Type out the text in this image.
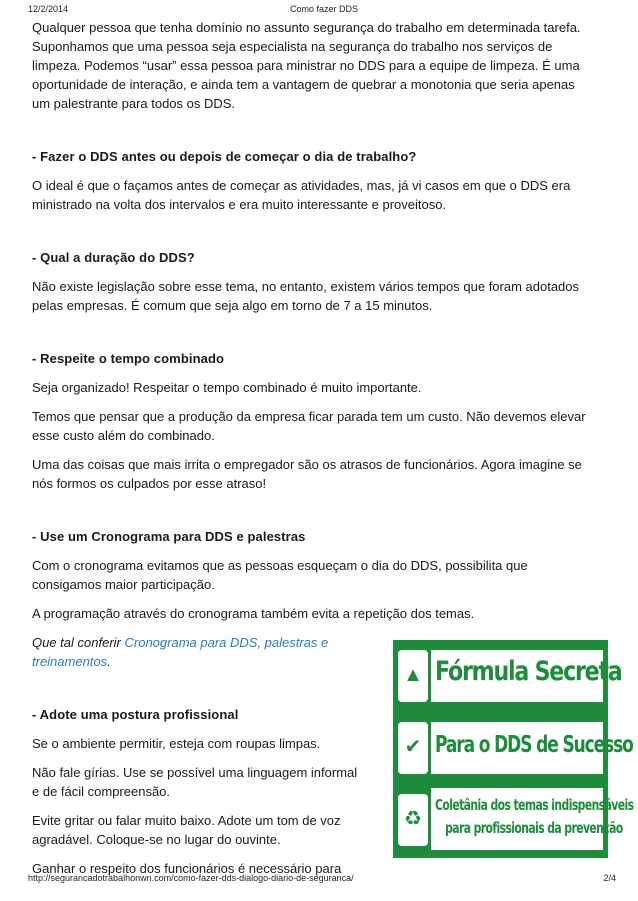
12/2/2014	Como fazer DDS

Qualquer pessoa que tenha domínio no assunto segurança do trabalho em determinada tarefa. Suponhamos que uma pessoa seja especialista na segurança do trabalho nos serviços de limpeza. Podemos “usar” essa pessoa para ministrar no DDS para a equipe de limpeza. É uma oportunidade de interação, e ainda tem a vantagem de quebrar a monotonia que seria apenas um palestrante para todos os DDS.

- Fazer o DDS antes ou depois de começar o dia de trabalho?

O ideal é que o façamos antes de começar as atividades, mas, já vi casos em que o DDS era ministrado na volta dos intervalos e era muito interessante e proveitoso.

- Qual a duração do DDS?

Não existe legislação sobre esse tema, no entanto, existem vários tempos que foram adotados pelas empresas. É comum que seja algo em torno de 7 a 15 minutos.

- Respeite o tempo combinado

Seja organizado! Respeitar o tempo combinado é muito importante.

Temos que pensar que a produção da empresa ficar parada tem um custo. Não devemos elevar esse custo além do combinado.

Uma das coisas que mais irrita o empregador são os atrasos de funcionários. Agora imagine se nós formos os culpados por esse atraso!

- Use um Cronograma para DDS e palestras

Com o cronograma evitamos que as pessoas esqueçam o dia do DDS, possibilita que consigamos maior participação.

A programação através do cronograma também evita a repetição dos temas.

Que tal conferir Cronograma para DDS, palestras e treinamentos.

- Adote uma postura profissional

Se o ambiente permitir, esteja com roupas limpas.

Não fale gírias. Use se possível uma linguagem informal e de fácil compreensão.

Evite gritar ou falar muito baixo. Adote um tom de voz agradável. Coloque-se no lugar do ouvinte.

Ganhar o respeito dos funcionários é necessário para

▲ Fórmula Secreta
✔ Para o DDS de Sucesso
♻
Coletânia dos temas indispensáveis
para profissionais da prevenção
http://segurancadotrabalhonwn.com/como-fazer-dds-dialogo-diario-de-seguranca/	2/4
